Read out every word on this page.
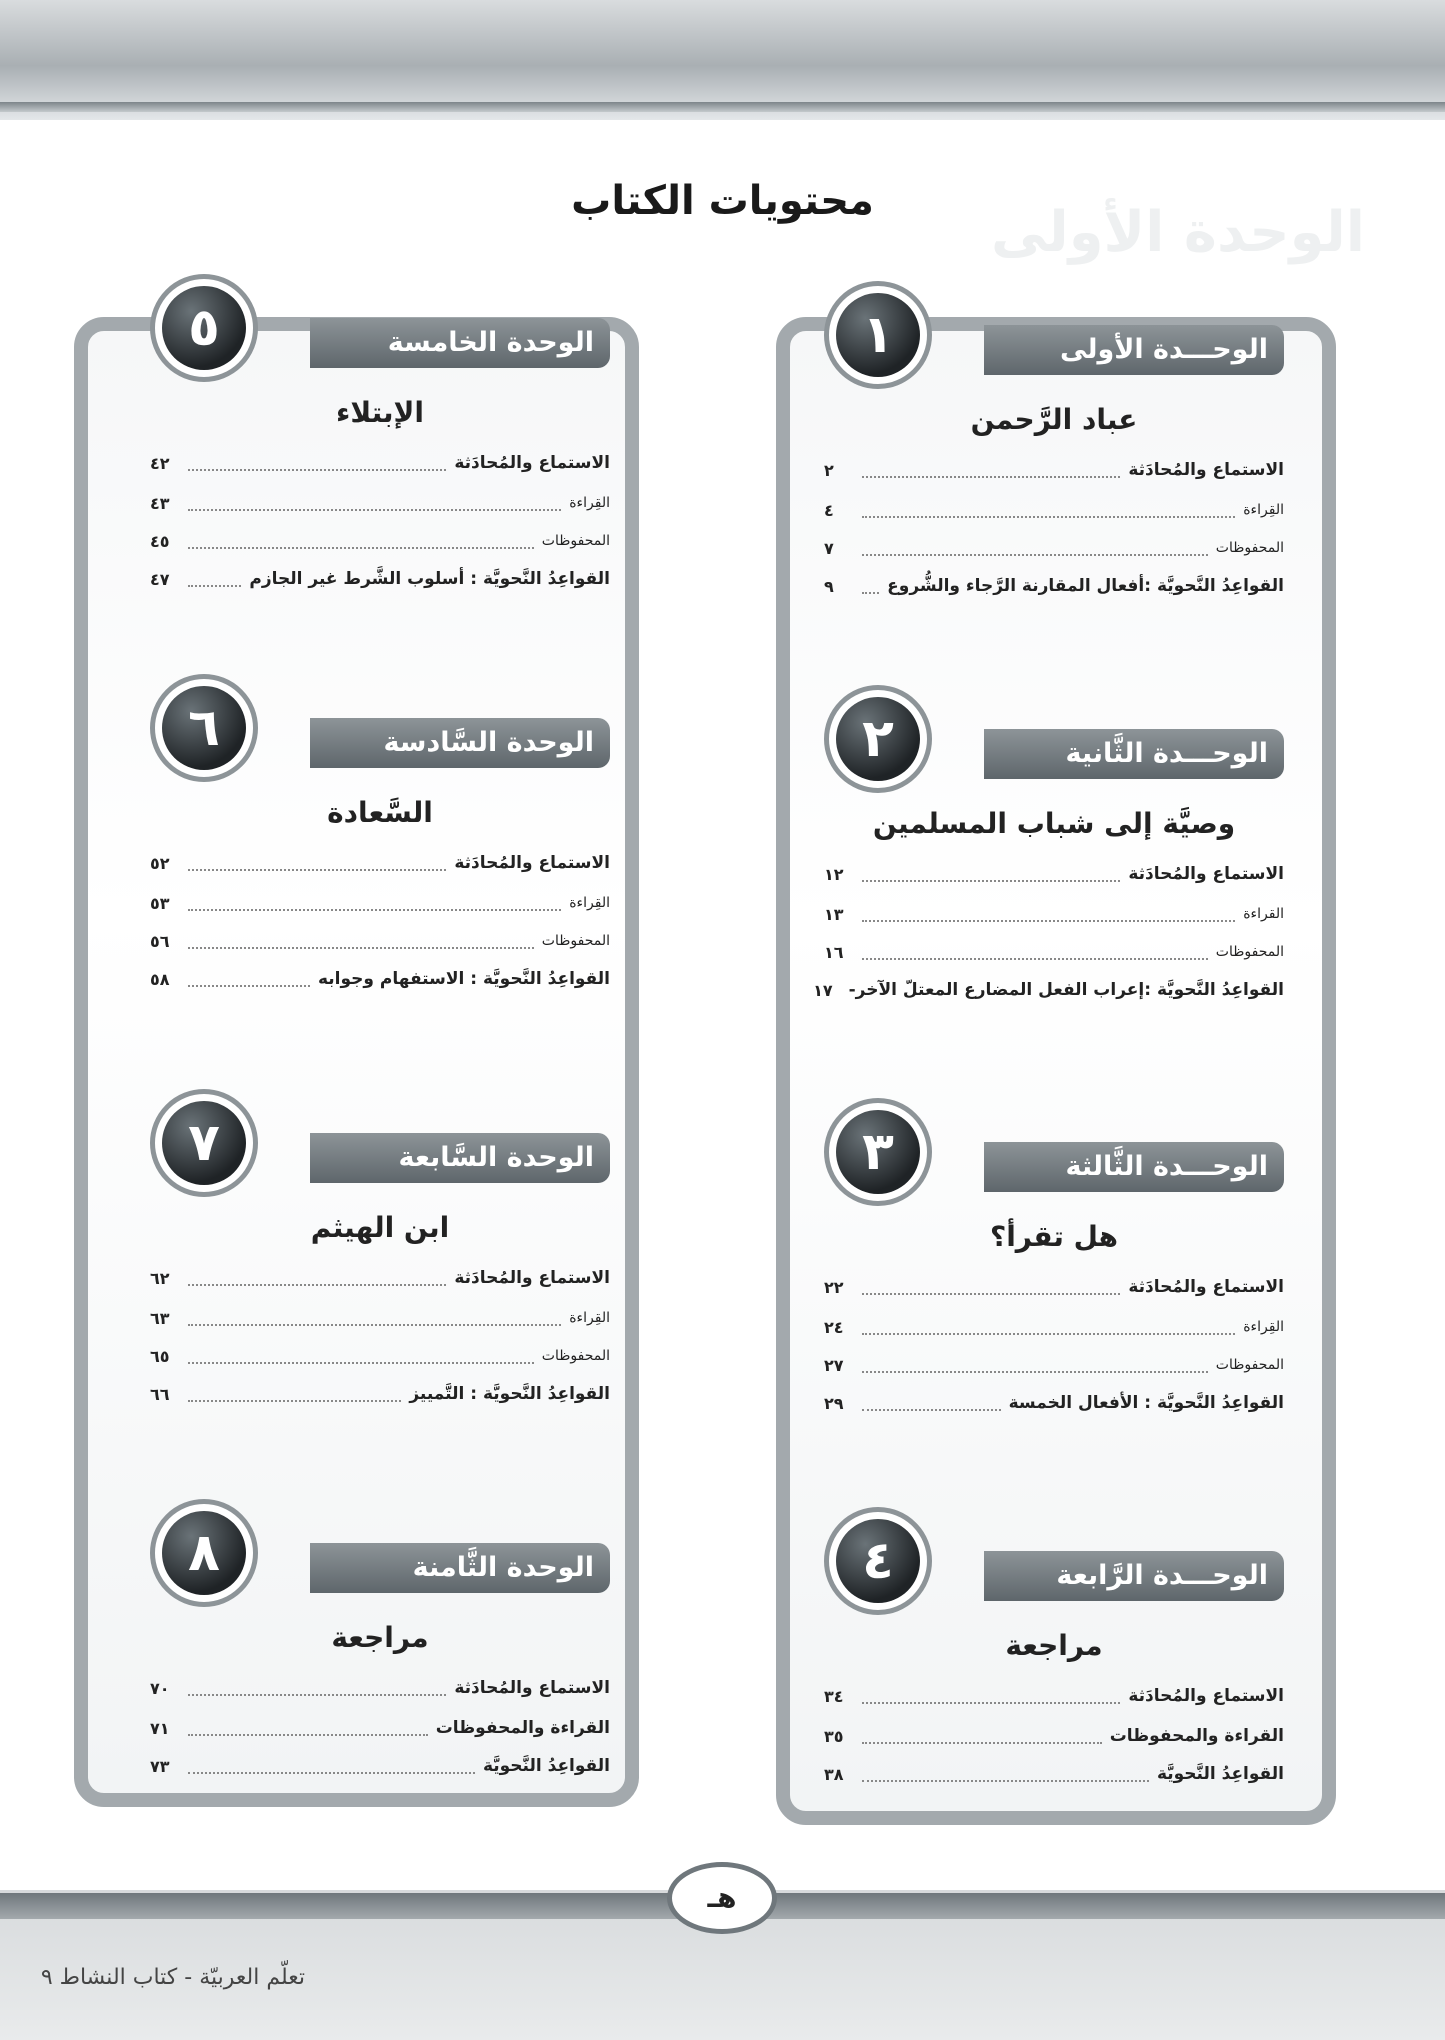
الوحدة الأولى
محتويات الكتاب
الوحـــدة الأولى
١
عباد الرَّحمن
الاستماع والمُحادَثة
٢
القِراءة
٤
المحفوظات
٧
القواعِدُ النَّحويَّة :أفعال المقارنة الرَّجاء والشُّروع
٩
الوحـــدة الثَّانية
٢
وصيَّة إلى شباب المسلمين
الاستماع والمُحادَثة
١٢
القراءة
١٣
المحفوظات
١٦
القواعِدُ النَّحويَّة :إعراب الفعل المضارع المعتلّ الآخر-
١٧
الوحـــدة الثَّالثة
٣
هل تقرأ؟
الاستماع والمُحادَثة
٢٢
القِراءة
٢٤
المحفوظات
٢٧
القواعِدُ النَّحويَّة : الأفعال الخمسة
٢٩
الوحـــدة الرَّابعة
٤
مراجعة
الاستماع والمُحادَثة
٣٤
القراءة والمحفوظات
٣٥
القواعِدُ النَّحويَّة
٣٨
الوحدة الخامسة
٥
الإبتلاء
الاستماع والمُحادَثة
٤٢
القِراءة
٤٣
المحفوظات
٤٥
القواعِدُ النَّحويَّة : أسلوب الشَّرط غير الجازم
٤٧
الوحدة السَّادسة
٦
السَّعادة
الاستماع والمُحادَثة
٥٢
القِراءة
٥٣
المحفوظات
٥٦
القواعِدُ النَّحويَّة : الاستفهام وجوابه
٥٨
الوحدة السَّابعة
٧
ابن الهيثم
الاستماع والمُحادَثة
٦٢
القِراءة
٦٣
المحفوظات
٦٥
القواعِدُ النَّحويَّة : التَّمييز
٦٦
الوحدة الثَّامنة
٨
مراجعة
الاستماع والمُحادَثة
٧٠
القراءة والمحفوظات
٧١
القواعِدُ النَّحويَّة
٧٣
هـ
تعلّم العربيّة - كتاب النشاط ٩
